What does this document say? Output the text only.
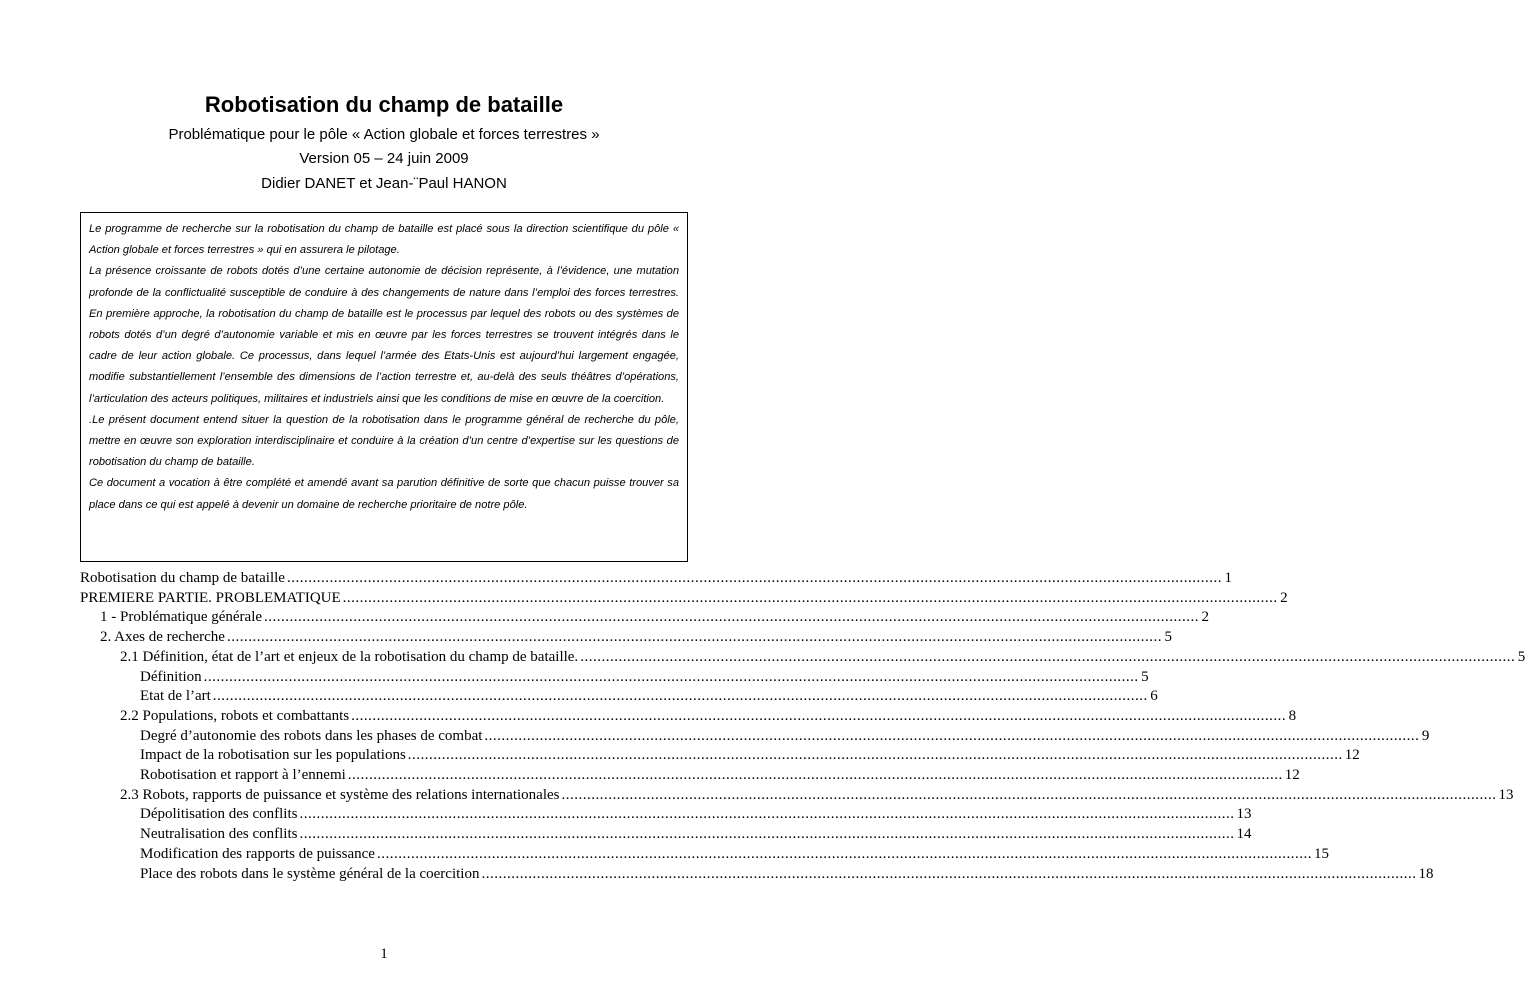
Robotisation du champ de bataille
Problématique pour le pôle « Action globale et forces terrestres »
Version 05 – 24 juin 2009
Didier DANET et Jean-¨Paul HANON

Le programme de recherche sur la robotisation du champ de bataille est placé sous la direction scientifique du pôle « Action globale et forces terrestres » qui en assurera le pilotage.

La présence croissante de robots dotés d’une certaine autonomie de décision représente, à l’évidence, une mutation profonde de la conflictualité susceptible de conduire à des changements de nature dans l’emploi des forces terrestres. En première approche, la robotisation du champ de bataille est le processus par lequel des robots ou des systèmes de robots dotés d’un degré d’autonomie variable et mis en œuvre par les forces terrestres se trouvent intégrés dans le cadre de leur action globale. Ce processus, dans lequel l’armée des Etats-Unis est aujourd’hui largement engagée, modifie substantiellement l’ensemble des dimensions de l’action terrestre et, au-delà des seuls théâtres d’opérations, l’articulation des acteurs politiques, militaires et industriels ainsi que les conditions de mise en œuvre de la coercition.

.Le présent document entend situer la question de la robotisation dans le programme général de recherche du pôle, mettre en œuvre son exploration interdisciplinaire et conduire à la création d’un centre d’expertise sur les questions de robotisation du champ de bataille.

Ce document a vocation à être complété et amendé avant sa parution définitive de sorte que chacun puisse trouver sa place dans ce qui est appelé à devenir un domaine de recherche prioritaire de notre pôle.

Robotisation du champ de bataille ............................................................................................................................................................................................................................ 1
PREMIERE PARTIE. PROBLEMATIQUE ............................................................................................................................................................................................................................ 2
1 - Problématique générale ............................................................................................................................................................................................................................ 2
2. Axes de recherche ............................................................................................................................................................................................................................ 5
2.1 Définition, état de l’art et enjeux de la robotisation du champ de bataille. ............................................................................................................................................................................................................................ 5
Définition ............................................................................................................................................................................................................................ 5
Etat de l’art ............................................................................................................................................................................................................................ 6
2.2 Populations, robots et combattants ............................................................................................................................................................................................................................ 8
Degré d’autonomie des robots dans les phases de combat ............................................................................................................................................................................................................................ 9
Impact de la robotisation sur les populations ............................................................................................................................................................................................................................ 12
Robotisation et rapport à l’ennemi ............................................................................................................................................................................................................................ 12
2.3 Robots, rapports de puissance et système des relations internationales ............................................................................................................................................................................................................................ 13
Dépolitisation des conflits ............................................................................................................................................................................................................................ 13
Neutralisation des conflits ............................................................................................................................................................................................................................ 14
Modification des rapports de puissance ............................................................................................................................................................................................................................ 15
Place des robots dans le système général de la coercition ............................................................................................................................................................................................................................ 18
1
